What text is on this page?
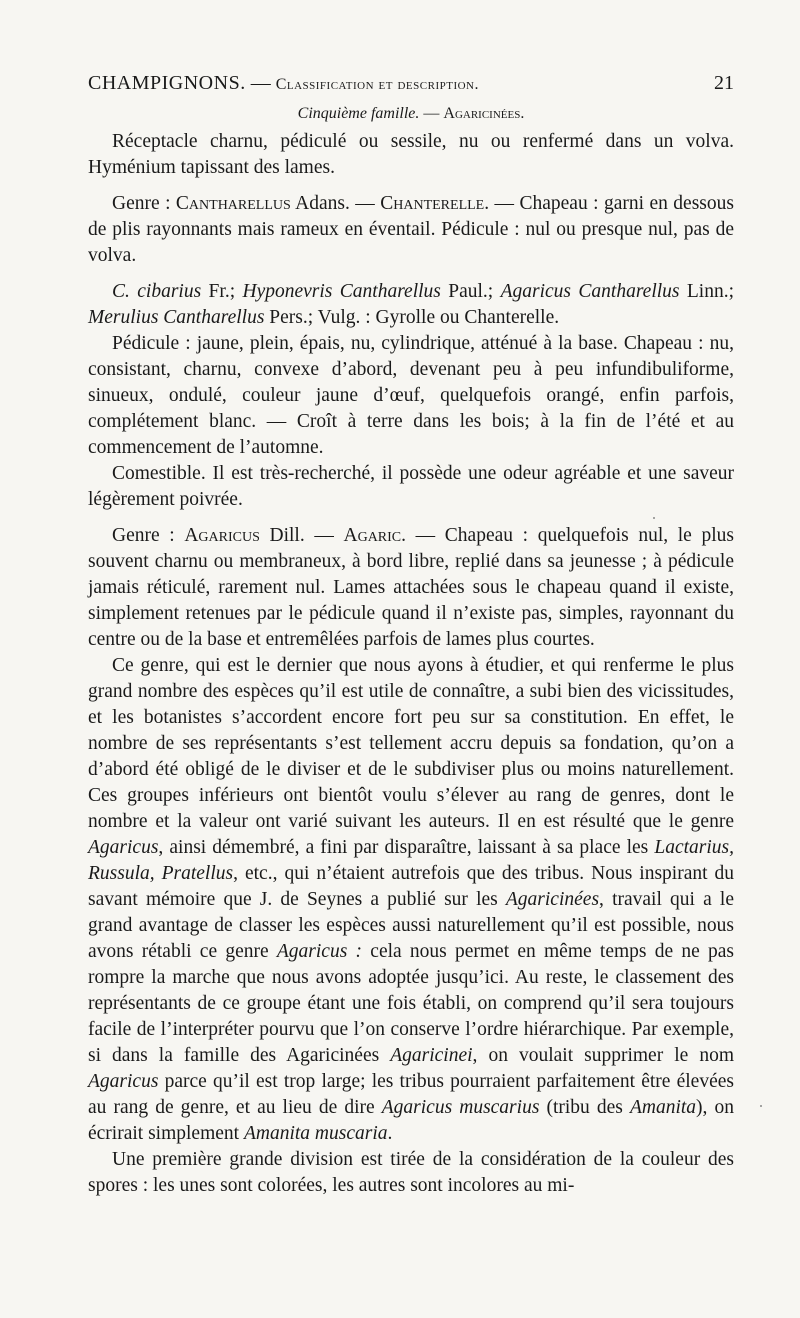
CHAMPIGNONS. — Classification et description.	21
Cinquième famille. — Agaricinées.

Réceptacle charnu, pédiculé ou sessile, nu ou renfermé dans un volva. Hyménium tapissant des lames.

Genre : Cantharellus Adans. — Chanterelle. — Chapeau : garni en dessous de plis rayonnants mais rameux en éventail. Pédicule : nul ou presque nul, pas de volva.

C. cibarius Fr.; Hyponevris Cantharellus Paul.; Agaricus Cantharellus Linn.; Merulius Cantharellus Pers.; Vulg. : Gyrolle ou Chanterelle.

Pédicule : jaune, plein, épais, nu, cylindrique, atténué à la base. Chapeau : nu, consistant, charnu, convexe d’abord, devenant peu à peu infundibuliforme, sinueux, ondulé, couleur jaune d’œuf, quelquefois orangé, enfin parfois, complétement blanc. — Croît à terre dans les bois; à la fin de l’été et au commencement de l’automne.

Comestible. Il est très-recherché, il possède une odeur agréable et une saveur légèrement poivrée.

Genre : Agaricus Dill. — Agaric. — Chapeau : quelquefois nul, le plus souvent charnu ou membraneux, à bord libre, replié dans sa jeunesse ; à pédicule jamais réticulé, rarement nul. Lames attachées sous le chapeau quand il existe, simplement retenues par le pédicule quand il n’existe pas, simples, rayonnant du centre ou de la base et entremêlées parfois de lames plus courtes.

Ce genre, qui est le dernier que nous ayons à étudier, et qui renferme le plus grand nombre des espèces qu’il est utile de connaître, a subi bien des vicissitudes, et les botanistes s’accordent encore fort peu sur sa constitution. En effet, le nombre de ses représentants s’est tellement accru depuis sa fondation, qu’on a d’abord été obligé de le diviser et de le subdiviser plus ou moins naturellement. Ces groupes inférieurs ont bientôt voulu s’élever au rang de genres, dont le nombre et la valeur ont varié suivant les auteurs. Il en est résulté que le genre Agaricus, ainsi démembré, a fini par disparaître, laissant à sa place les Lactarius, Russula, Pratellus, etc., qui n’étaient autrefois que des tribus. Nous inspirant du savant mémoire que J. de Seynes a publié sur les Agaricinées, travail qui a le grand avantage de classer les espèces aussi naturellement qu’il est possible, nous avons rétabli ce genre Agaricus : cela nous permet en même temps de ne pas rompre la marche que nous avons adoptée jusqu’ici. Au reste, le classement des représentants de ce groupe étant une fois établi, on comprend qu’il sera toujours facile de l’interpréter pourvu que l’on conserve l’ordre hiérarchique. Par exemple, si dans la famille des Agaricinées Agaricinei, on voulait supprimer le nom Agaricus parce qu’il est trop large; les tribus pourraient parfaitement être élevées au rang de genre, et au lieu de dire Agaricus muscarius (tribu des Amanita), on écrirait simplement Amanita muscaria.

Une première grande division est tirée de la considération de la couleur des spores : les unes sont colorées, les autres sont incolores au mi-
